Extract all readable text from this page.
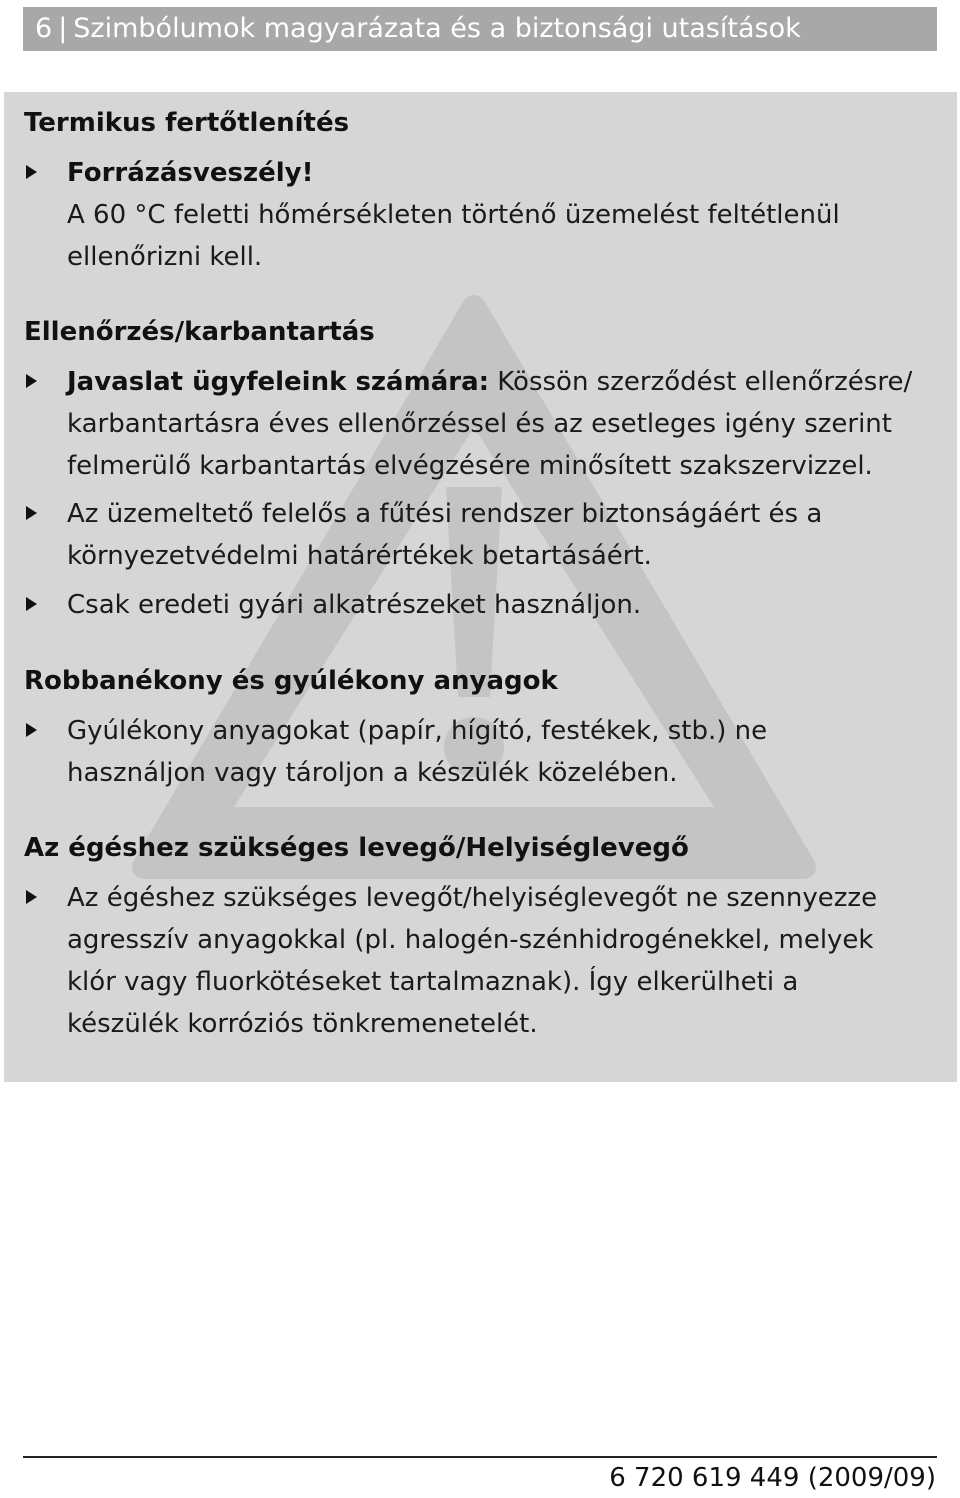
6 | Szimbólumok magyarázata és a biztonsági utasítások
Termikus fertőtlenítés
Forrázásveszély!
A 60 °C feletti hőmérsékleten történő üzemelést feltétlenül
ellenőrizni kell.
Ellenőrzés/karbantartás
Javaslat ügyfeleink számára: Kössön szerződést ellenőrzésre/
karbantartásra éves ellenőrzéssel és az esetleges igény szerint
felmerülő karbantartás elvégzésére minősített szakszervizzel.
Az üzemeltető felelős a fűtési rendszer biztonságáért és a
környezetvédelmi határértékek betartásáért.
Csak eredeti gyári alkatrészeket használjon.
Robbanékony és gyúlékony anyagok
Gyúlékony anyagokat (papír, hígító, festékek, stb.) ne
használjon vagy tároljon a készülék közelében.
Az égéshez szükséges levegő/Helyiséglevegő
Az égéshez szükséges levegőt/helyiséglevegőt ne szennyezze
agresszív anyagokkal (pl. halogén-szénhidrogénekkel, melyek
klór vagy fluorkötéseket tartalmaznak). Így elkerülheti a
készülék korróziós tönkremenetelét.
6 720 619 449 (2009/09)
